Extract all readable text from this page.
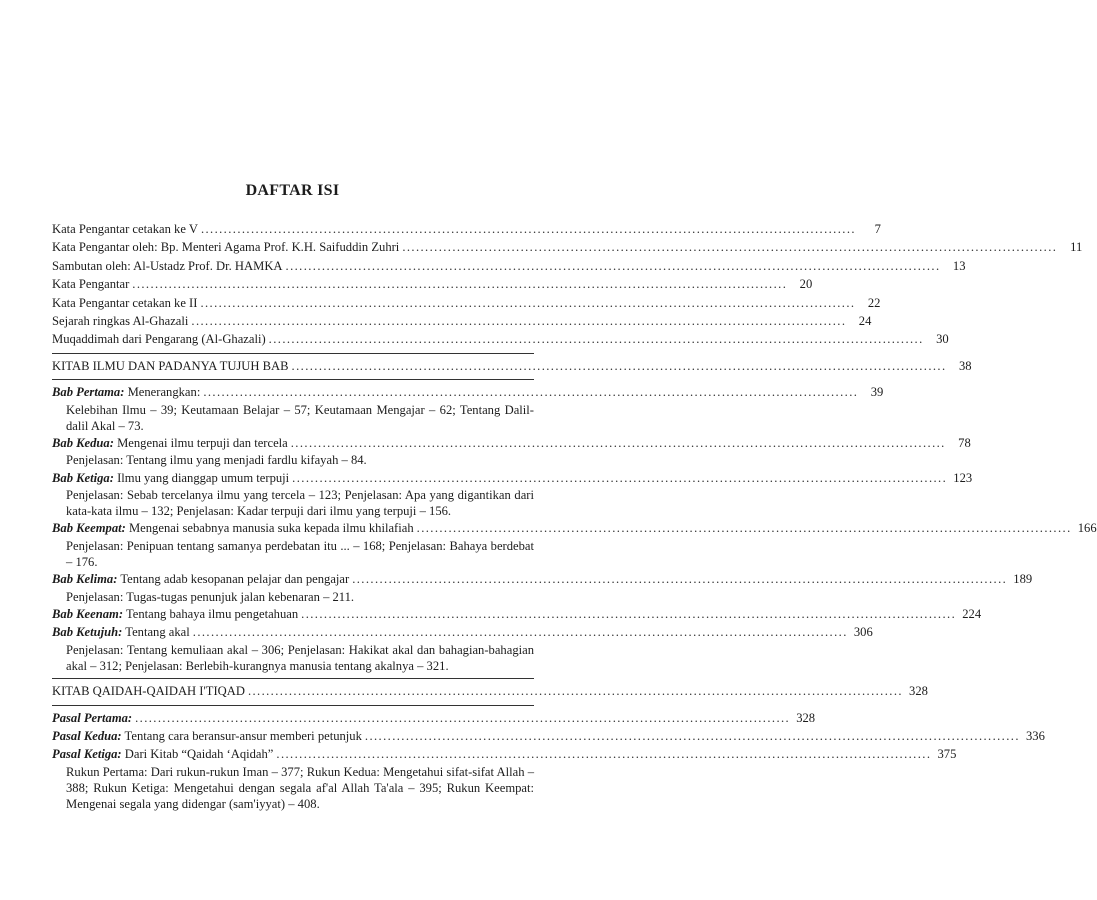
DAFTAR ISI
Kata Pengantar cetakan ke V ................................................................................................................................................	7
Kata Pengantar oleh: Bp. Menteri Agama Prof. K.H. Saifuddin Zuhri ................................................................................................................................................	11
Sambutan oleh: Al-Ustadz Prof. Dr. HAMKA ................................................................................................................................................ 13
Kata Pengantar ................................................................................................................................................ 20
Kata Pengantar cetakan ke II ................................................................................................................................................ 22
Sejarah ringkas Al-Ghazali ................................................................................................................................................ 24
Muqaddimah dari Pengarang (Al-Ghazali) ................................................................................................................................................ 30
KITAB ILMU DAN PADANYA TUJUH BAB ................................................................................................................................................ 38
Bab Pertama: Menerangkan: ................................................................................................................................................ 39
Kelebihan Ilmu – 39; Keutamaan Belajar – 57; Keutamaan Mengajar – 62; Tentang Dalil-dalil Akal – 73.
Bab Kedua: Mengenai ilmu terpuji dan tercela ................................................................................................................................................ 78
Penjelasan: Tentang ilmu yang menjadi fardlu kifayah – 84.
Bab Ketiga: Ilmu yang dianggap umum terpuji ................................................................................................................................................ 123
Penjelasan: Sebab tercelanya ilmu yang tercela – 123; Penjelasan: Apa yang digantikan dari kata-kata ilmu – 132; Penjelasan: Kadar terpuji dari ilmu yang terpuji – 156.
Bab Keempat: Mengenai sebabnya manusia suka kepada ilmu khilafiah ................................................................................................................................................ 166
Penjelasan: Penipuan tentang samanya perdebatan itu ... – 168; Penjelasan: Bahaya berdebat – 176.
Bab Kelima: Tentang adab kesopanan pelajar dan pengajar ................................................................................................................................................ 189
Penjelasan: Tugas-tugas penunjuk jalan kebenaran – 211.
Bab Keenam: Tentang bahaya ilmu pengetahuan ................................................................................................................................................ 224
Bab Ketujuh: Tentang akal ................................................................................................................................................ 306
Penjelasan: Tentang kemuliaan akal – 306; Penjelasan: Hakikat akal dan bahagian-bahagian akal – 312; Penjelasan: Berlebih-kurangnya manusia tentang akalnya – 321.
KITAB QAIDAH-QAIDAH I'TIQAD ................................................................................................................................................ 328
Pasal Pertama: ................................................................................................................................................ 328
Pasal Kedua: Tentang cara beransur-ansur memberi petunjuk ................................................................................................................................................ 336
Pasal Ketiga: Dari Kitab “Qaidah ‘Aqidah” ................................................................................................................................................ 375
Rukun Pertama: Dari rukun-rukun Iman – 377; Rukun Kedua: Mengetahui sifat-sifat Allah – 388; Rukun Ketiga: Mengetahui dengan segala af'al Allah Ta'ala – 395; Rukun Keempat: Mengenai segala yang didengar (sam'iyyat) – 408.
